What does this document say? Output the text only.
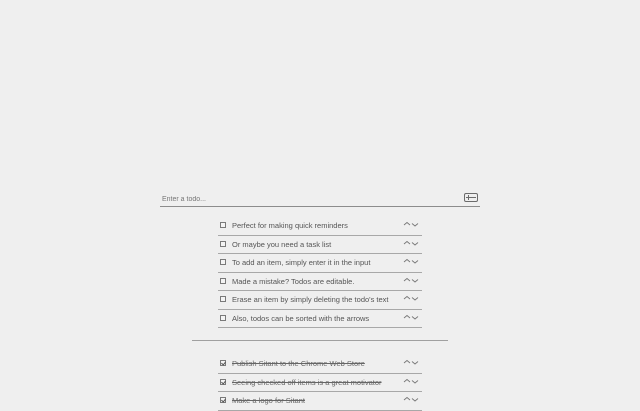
Enter a todo...
Perfect for making quick reminders
Or maybe you need a task list
To add an item, simply enter it in the input
Made a mistake? Todos are editable.
Erase an item by simply deleting the todo's text
Also, todos can be sorted with the arrows
Publish Sitant to the Chrome Web Store
Seeing checked off items is a great motivator
Make a logo for Sitant
